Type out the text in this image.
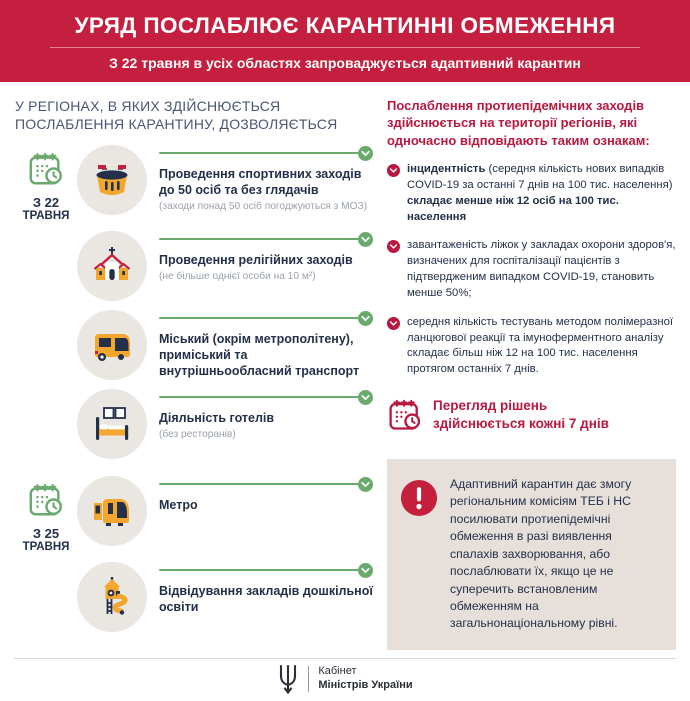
УРЯД ПОСЛАБЛЮЄ КАРАНТИННІ ОБМЕЖЕННЯ
З 22 травня в усіх областях запроваджується адаптивний карантин
У РЕГІОНАХ, В ЯКИХ ЗДІЙСНЮЄТЬСЯ
ПОСЛАБЛЕННЯ КАРАНТИНУ, ДОЗВОЛЯЄТЬСЯ
З 22
ТРАВНЯ
Проведення спортивних заходів до 50 осіб та без глядачів
(заходи понад 50 осіб погоджуються з МОЗ)
Проведення релігійних заходів
(не більше однієї особи на 10 м²)
Міський (окрім метрополітену), приміський та внутрішньообласний транспорт
Діяльність готелів
(без ресторанів)
З 25
ТРАВНЯ
Метро
Відвідування закладів дошкільної освіти
Послаблення протиепідемічних заходів здійснюється на території регіонів, які одночасно відповідають таким ознакам:

інцидентність (середня кількість нових випадків COVID-19 за останні 7 днів на 100 тис. населення) складає менше ніж 12 осіб на 100 тис. населення

завантаженість ліжок у закладах охорони здоров'я, визначених для госпіталізації пацієнтів з підтвердженим випадком COVID-19, становить менше 50%;

середня кількість тестувань методом полімеразної ланцюгової реакції та імуноферментного аналізу складає більш ніж 12 на 100 тис. населення протягом останніх 7 днів.

Перегляд рішень
здійснюється кожні 7 днів

Адаптивний карантин дає змогу регіональним комісіям ТЕБ і НС посилювати протиепідемічні обмеження в разі виявлення спалахів захворювання, або послаблювати їх, якщо це не суперечить встановленим обмеженням на загальнонаціональному рівні.

Кабінет
Міністрів України
